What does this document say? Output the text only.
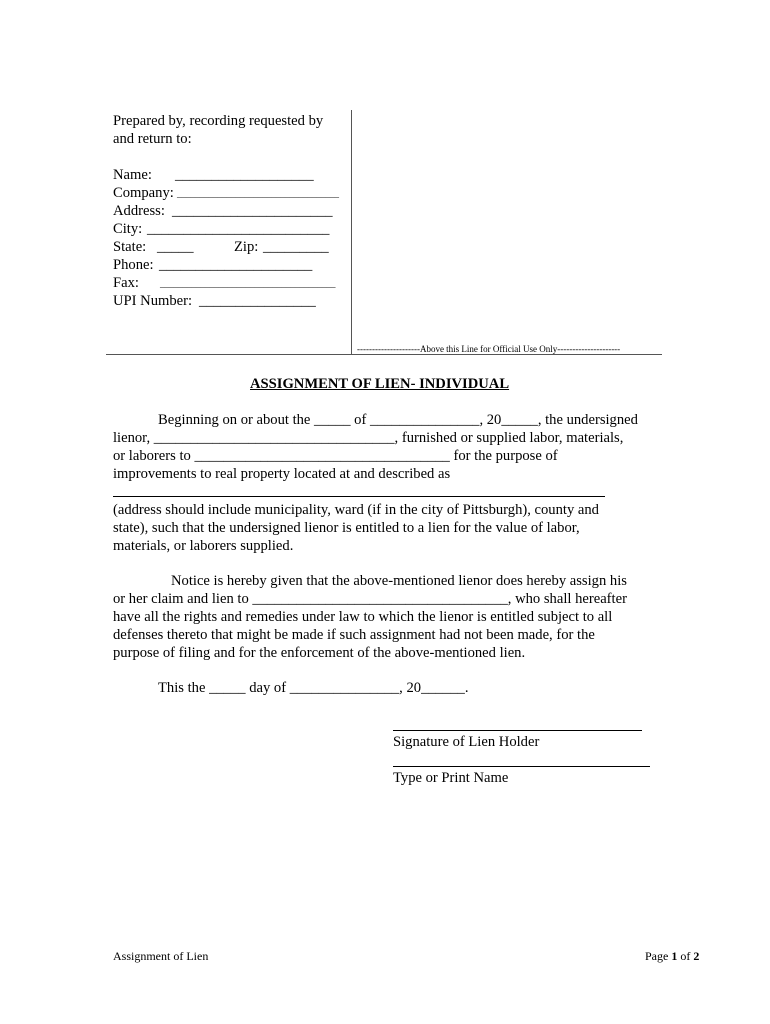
Prepared by, recording requested by
and return to:
Name: ___________________
Company: ____________________________________
Address: ______________________
City: _________________________
State: _____	Zip: _________
Phone: _____________________
Fax: _______________________________________
UPI Number: ________________
---------------------Above this Line for Official Use Only---------------------
ASSIGNMENT OF LIEN- INDIVIDUAL
Beginning on or about the _____ of _______________, 20_____, the undersigned
lienor, _________________________________, furnished or supplied labor, materials,
or laborers to ___________________________________ for the purpose of
improvements to real property located at and described as
(address should include municipality, ward (if in the city of Pittsburgh), county and
state), such that the undersigned lienor is entitled to a lien for the value of labor,
materials, or laborers supplied.
Notice is hereby given that the above-mentioned lienor does hereby assign his
or her claim and lien to ___________________________________, who shall hereafter
have all the rights and remedies under law to which the lienor is entitled subject to all
defenses thereto that might be made if such assignment had not been made, for the
purpose of filing and for the enforcement of the above-mentioned lien.
This the _____ day of _______________, 20______.
Signature of Lien Holder
Type or Print Name
Assignment of Lien	Page 1 of 2
